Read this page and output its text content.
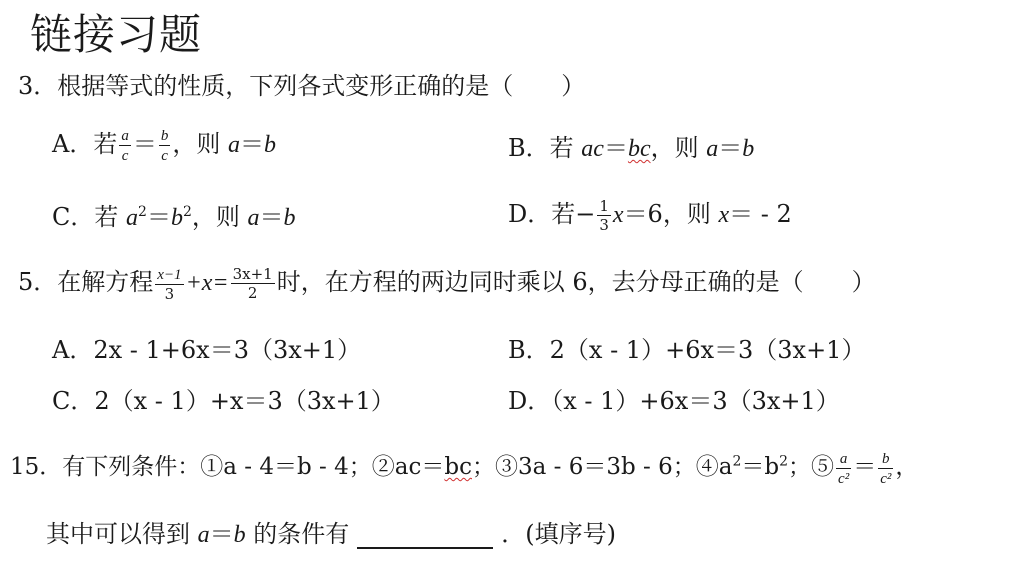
链接习题
3．根据等式的性质，下列各式变形正确的是（　　）
A．若 $\frac{a}{c} = \frac{b}{c}$ ，则 a＝b	B．若 ac＝bc，则 a＝b
C．若 $a^2=b^2$，则 a＝b	D．若− $\frac{1}{3} x=6$，则 x＝ - 2
5．在解方程 $\frac{x-1}{3} +x= \frac{3x+1}{2}$ 时，在方程的两边同时乘以 6，去分母正确的是（　　）
A．2x - 1+6x＝3（3x+1）	B．2（x - 1）+6x＝3（3x+1）
C．2（x - 1）+x＝3（3x+1）	D．（x - 1）+6x＝3（3x+1）
15．有下列条件：①a - 4＝b - 4；②ac＝bc；③3a - 6＝3b - 6；$④a^2=b^2$；⑤ $\frac{a}{\text{c²}} = \frac{b}{\text{c²}}$ ，
其中可以得到 a＝b 的条件有	．(填序号)
